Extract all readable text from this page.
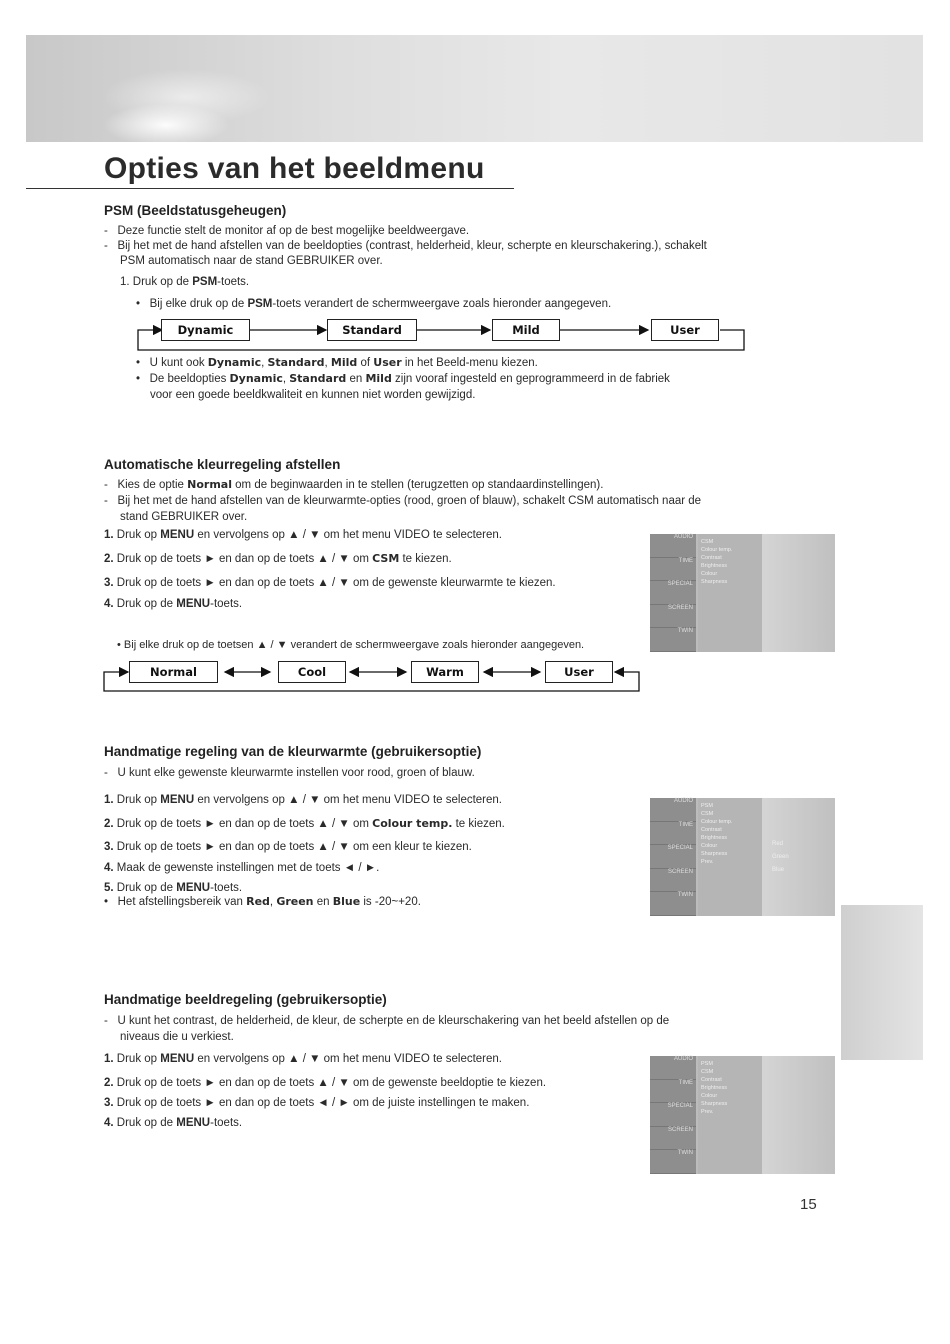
Opties van het beeldmenu
PSM (Beeldstatusgeheugen)
- Deze functie stelt de monitor af op de best mogelijke beeldweergave.
- Bij het met de hand afstellen van de beeldopties (contrast, helderheid, kleur, scherpte en kleurschakering.), schakelt
PSM automatisch naar de stand GEBRUIKER over.
1. Druk op de PSM-toets.
• Bij elke druk op de PSM-toets verandert de schermweergave zoals hieronder aangegeven.
Dynamic	Standard	Mild	User
• U kunt ook Dynamic, Standard, Mild of User in het Beeld-menu kiezen.
• De beeldopties Dynamic, Standard en Mild zijn vooraf ingesteld en geprogrammeerd in de fabriek
voor een goede beeldkwaliteit en kunnen niet worden gewijzigd.
Automatische kleurregeling afstellen
- Kies de optie Normal om de beginwaarden in te stellen (terugzetten op standaardinstellingen).
- Bij het met de hand afstellen van de kleurwarmte-opties (rood, groen of blauw), schakelt CSM automatisch naar de
stand GEBRUIKER over.
1. Druk op MENU en vervolgens op ▲ / ▼ om het menu VIDEO te selecteren.
2. Druk op de toets ► en dan op de toets ▲ / ▼ om CSM te kiezen.
3. Druk op de toets ► en dan op de toets ▲ / ▼ om de gewenste kleurwarmte te kiezen.
4. Druk op de MENU-toets.
• Bij elke druk op de toetsen ▲ / ▼ verandert de schermweergave zoals hieronder aangegeven.
AUDIO
TIME
SPECIAL
SCREEN
TWIN
CSM
Colour temp.
Contrast
Brightness
Colour
Sharpness
Normal	Cool	Warm	User
Handmatige regeling van de kleurwarmte (gebruikersoptie)
- U kunt elke gewenste kleurwarmte instellen voor rood, groen of blauw.
1. Druk op MENU en vervolgens op ▲ / ▼ om het menu VIDEO te selecteren.
2. Druk op de toets ► en dan op de toets ▲ / ▼ om Colour temp. te kiezen.
3. Druk op de toets ► en dan op de toets ▲ / ▼ om een kleur te kiezen.
4. Maak de gewenste instellingen met de toets ◄ / ►.
5. Druk op de MENU-toets.
• Het afstellingsbereik van Red, Green en Blue is -20~+20.
AUDIO
TIME
SPECIAL
SCREEN
TWIN
PSM
CSM
Colour temp.
Contrast
Brightness
Colour
Sharpness
Prev.
Red
Green
Blue
Handmatige beeldregeling (gebruikersoptie)
- U kunt het contrast, de helderheid, de kleur, de scherpte en de kleurschakering van het beeld afstellen op de
niveaus die u verkiest.
1. Druk op MENU en vervolgens op ▲ / ▼ om het menu VIDEO te selecteren.
2. Druk op de toets ► en dan op de toets ▲ / ▼ om de gewenste beeldoptie te kiezen.
3. Druk op de toets ► en dan op de toets ◄ / ► om de juiste instellingen te maken.
4. Druk op de MENU-toets.
AUDIO
TIME
SPECIAL
SCREEN
TWIN
PSM
CSM
Contrast
Brightness
Colour
Sharpness
Prev.
15
